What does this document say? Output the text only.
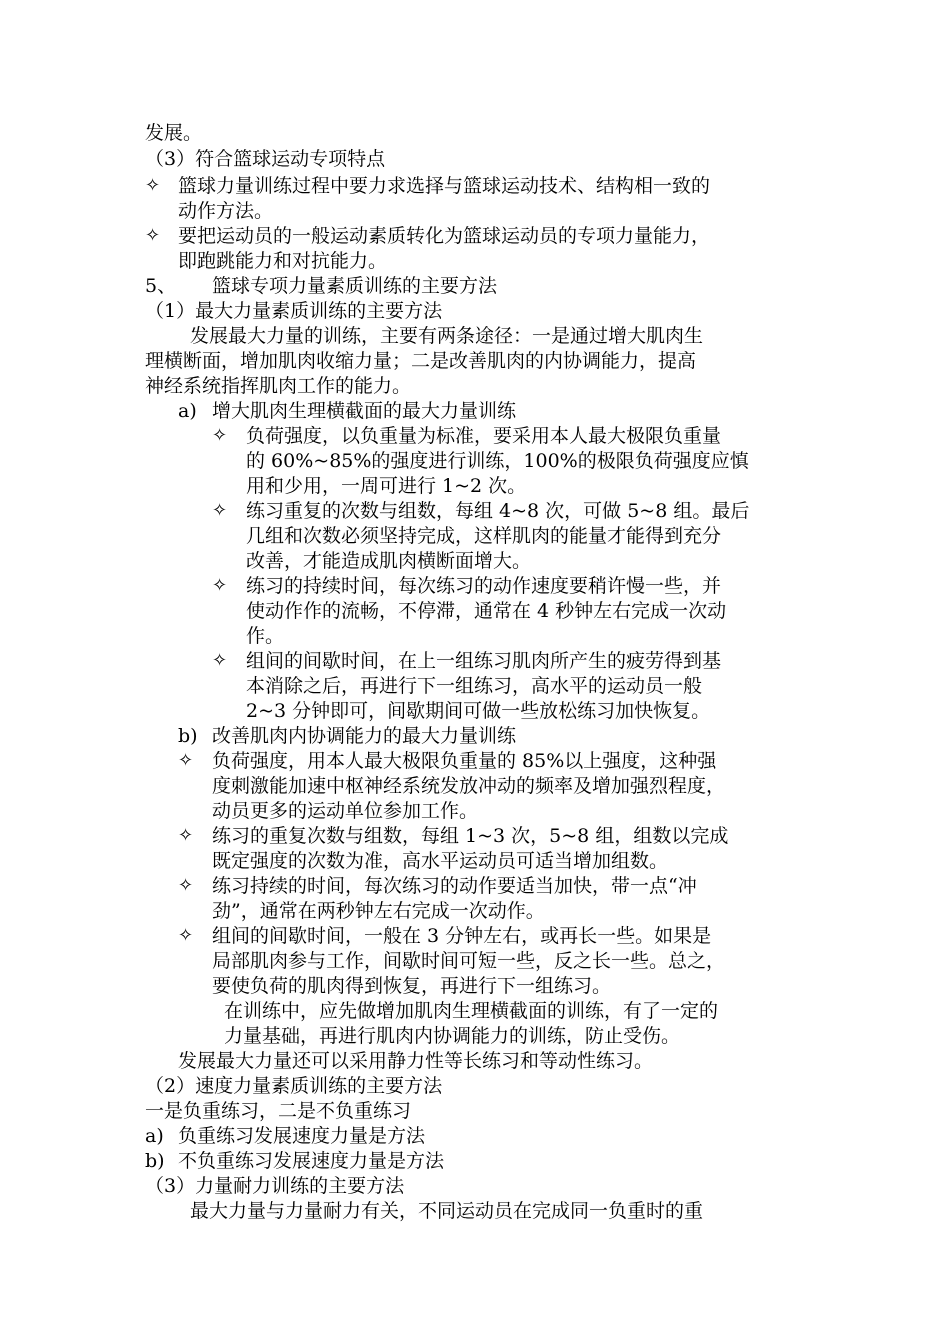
发展。
（3）符合篮球运动专项特点
✧ 篮球力量训练过程中要力求选择与篮球运动技术、结构相一致的
动作方法。
✧ 要把运动员的一般运动素质转化为篮球运动员的专项力量能力，
即跑跳能力和对抗能力。
5、 篮球专项力量素质训练的主要方法
（1）最大力量素质训练的主要方法
发展最大力量的训练，主要有两条途径：一是通过增大肌肉生
理横断面，增加肌肉收缩力量；二是改善肌肉的内协调能力，提高
神经系统指挥肌肉工作的能力。
a) 增大肌肉生理横截面的最大力量训练
✧ 负荷强度，以负重量为标准，要采用本人最大极限负重量
的 60%~85%的强度进行训练，100%的极限负荷强度应慎
用和少用，一周可进行 1~2 次。
✧ 练习重复的次数与组数，每组 4~8 次，可做 5~8 组。最后
几组和次数必须坚持完成，这样肌肉的能量才能得到充分
改善，才能造成肌肉横断面增大。
✧ 练习的持续时间，每次练习的动作速度要稍许慢一些，并
使动作作的流畅，不停滞，通常在 4 秒钟左右完成一次动
作。
✧ 组间的间歇时间，在上一组练习肌肉所产生的疲劳得到基
本消除之后，再进行下一组练习，高水平的运动员一般
2~3 分钟即可，间歇期间可做一些放松练习加快恢复。
b) 改善肌肉内协调能力的最大力量训练
✧ 负荷强度，用本人最大极限负重量的 85%以上强度，这种强
度刺激能加速中枢神经系统发放冲动的频率及增加强烈程度，
动员更多的运动单位参加工作。
✧ 练习的重复次数与组数，每组 1~3 次，5~8 组，组数以完成
既定强度的次数为准，高水平运动员可适当增加组数。
✧ 练习持续的时间，每次练习的动作要适当加快，带一点“冲
劲”，通常在两秒钟左右完成一次动作。
✧ 组间的间歇时间，一般在 3 分钟左右，或再长一些。如果是
局部肌肉参与工作，间歇时间可短一些，反之长一些。总之，
要使负荷的肌肉得到恢复，再进行下一组练习。
在训练中，应先做增加肌肉生理横截面的训练，有了一定的
力量基础，再进行肌肉内协调能力的训练，防止受伤。
发展最大力量还可以采用静力性等长练习和等动性练习。
（2）速度力量素质训练的主要方法
一是负重练习，二是不负重练习
a) 负重练习发展速度力量是方法
b) 不负重练习发展速度力量是方法
（3）力量耐力训练的主要方法
最大力量与力量耐力有关，不同运动员在完成同一负重时的重
